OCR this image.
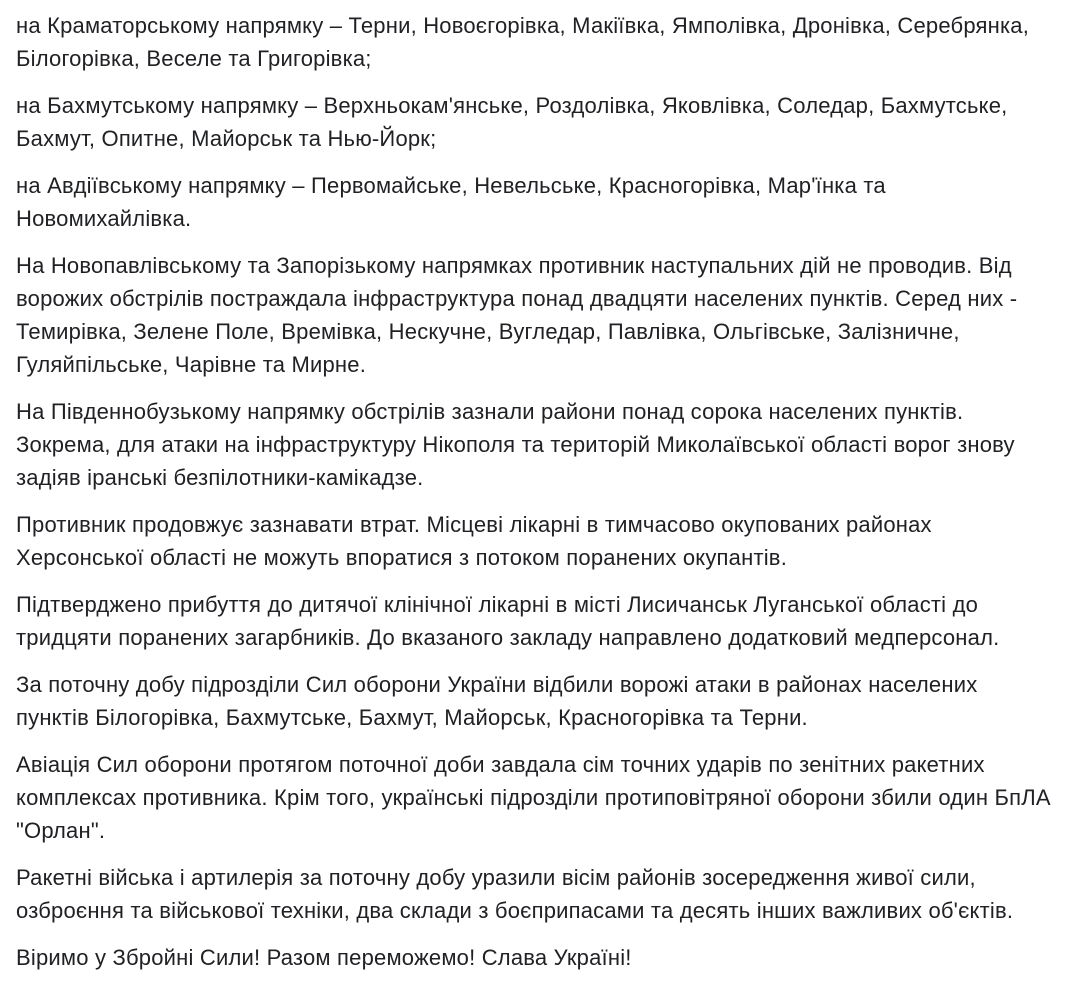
на Краматорському напрямку – Терни, Новоєгорівка, Макіївка, Ямполівка, Дронівка, Серебрянка, Білогорівка, Веселе та Григорівка;

на Бахмутському напрямку – Верхньокам'янське, Роздолівка, Яковлівка, Соледар, Бахмутське, Бахмут, Опитне, Майорськ та Нью-Йорк;

на Авдіївському напрямку – Первомайське, Невельське, Красногорівка, Мар'їнка та Новомихайлівка.

На Новопавлівському та Запорізькому напрямках противник наступальних дій не проводив. Від ворожих обстрілів постраждала інфраструктура понад двадцяти населених пунктів. Серед них - Темирівка, Зелене Поле, Времівка, Нескучне, Вугледар, Павлівка, Ольгівське, Залізничне, Гуляйпільське, Чарівне та Мирне.

На Південнобузькому напрямку обстрілів зазнали райони понад сорока населених пунктів. Зокрема, для атаки на інфраструктуру Нікополя та територій Миколаївської області ворог знову задіяв іранські безпілотники-камікадзе.

Противник продовжує зазнавати втрат. Місцеві лікарні в тимчасово окупованих районах Херсонської області не можуть впоратися з потоком поранених окупантів.

Підтверджено прибуття до дитячої клінічної лікарні в місті Лисичанськ Луганської області до тридцяти поранених загарбників. До вказаного закладу направлено додатковий медперсонал.

За поточну добу підрозділи Сил оборони України відбили ворожі атаки в районах населених пунктів Білогорівка, Бахмутське, Бахмут, Майорськ, Красногорівка та Терни.

Авіація Сил оборони протягом поточної доби завдала сім точних ударів по зенітних ракетних комплексах противника. Крім того, українські підрозділи протиповітряної оборони збили один БпЛА "Орлан".

Ракетні війська і артилерія за поточну добу уразили вісім районів зосередження живої сили, озброєння та військової техніки, два склади з боєприпасами та десять інших важливих об'єктів.

Віримо у Збройні Сили! Разом переможемо! Слава Україні!
